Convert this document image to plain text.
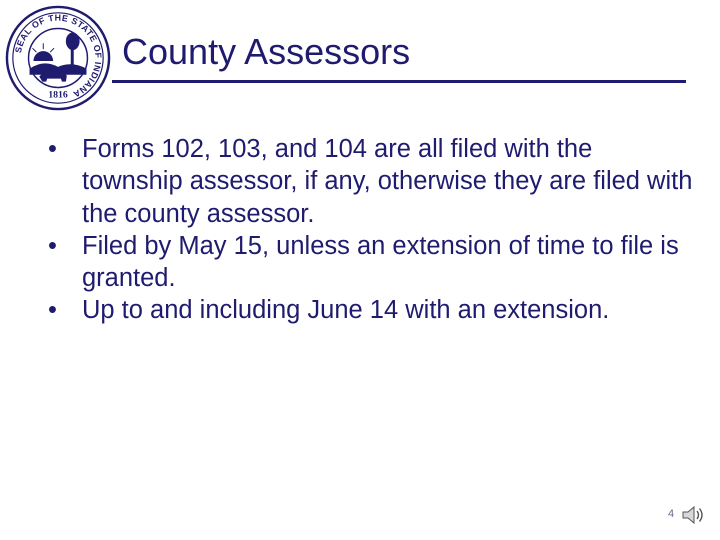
SEAL OF THE STATE OF INDIANA
1816
County Assessors
• Forms 102, 103, and 104 are all filed with the township assessor, if any, otherwise they are filed with the county assessor.
• Filed by May 15, unless an extension of time to file is granted.
• Up to and including June 14 with an extension.
4
